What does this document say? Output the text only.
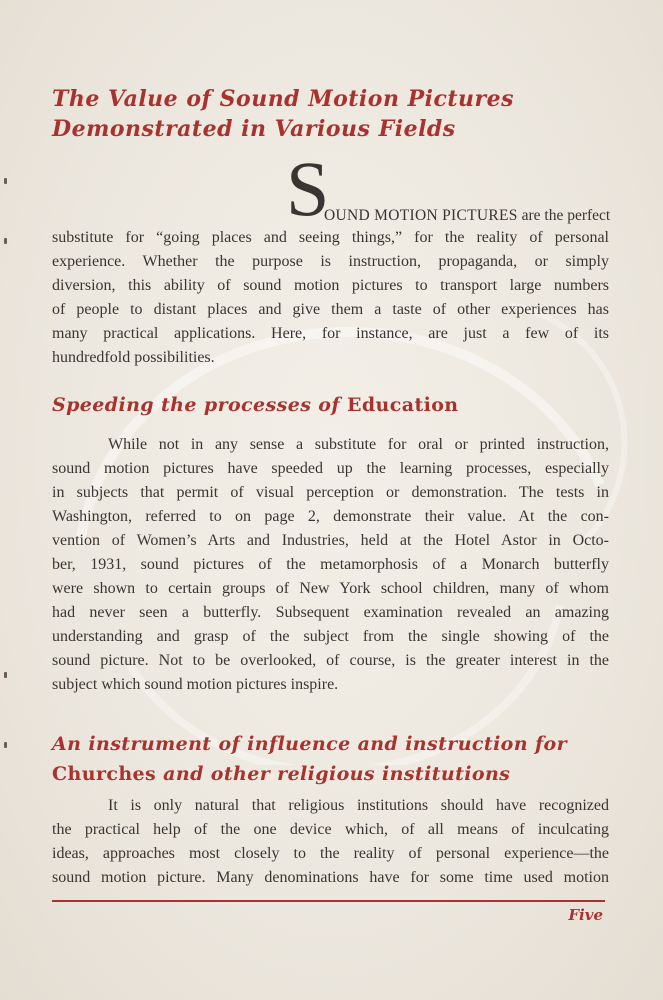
The Value of Sound Motion Pictures
Demonstrated in Various Fields
S
OUND MOTION PICTURES are the perfect
substitute for “going places and seeing things,” for the reality of personal
experience. Whether the purpose is instruction, propaganda, or simply
diversion, this ability of sound motion pictures to transport large numbers
of people to distant places and give them a taste of other experiences has
many practical applications. Here, for instance, are just a few of its
hundredfold possibilities.
Speeding the processes of Education
While not in any sense a substitute for oral or printed instruction,
sound motion pictures have speeded up the learning processes, especially
in subjects that permit of visual perception or demonstration. The tests in
Washington, referred to on page 2, demonstrate their value. At the con-
vention of Women’s Arts and Industries, held at the Hotel Astor in Octo-
ber, 1931, sound pictures of the metamorphosis of a Monarch butterfly
were shown to certain groups of New York school children, many of whom
had never seen a butterfly. Subsequent examination revealed an amazing
understanding and grasp of the subject from the single showing of the
sound picture. Not to be overlooked, of course, is the greater interest in the
subject which sound motion pictures inspire.
An instrument of influence and instruction for
Churches and other religious institutions
It is only natural that religious institutions should have recognized
the practical help of the one device which, of all means of inculcating
ideas, approaches most closely to the reality of personal experience—the
sound motion picture. Many denominations have for some time used motion
Five
